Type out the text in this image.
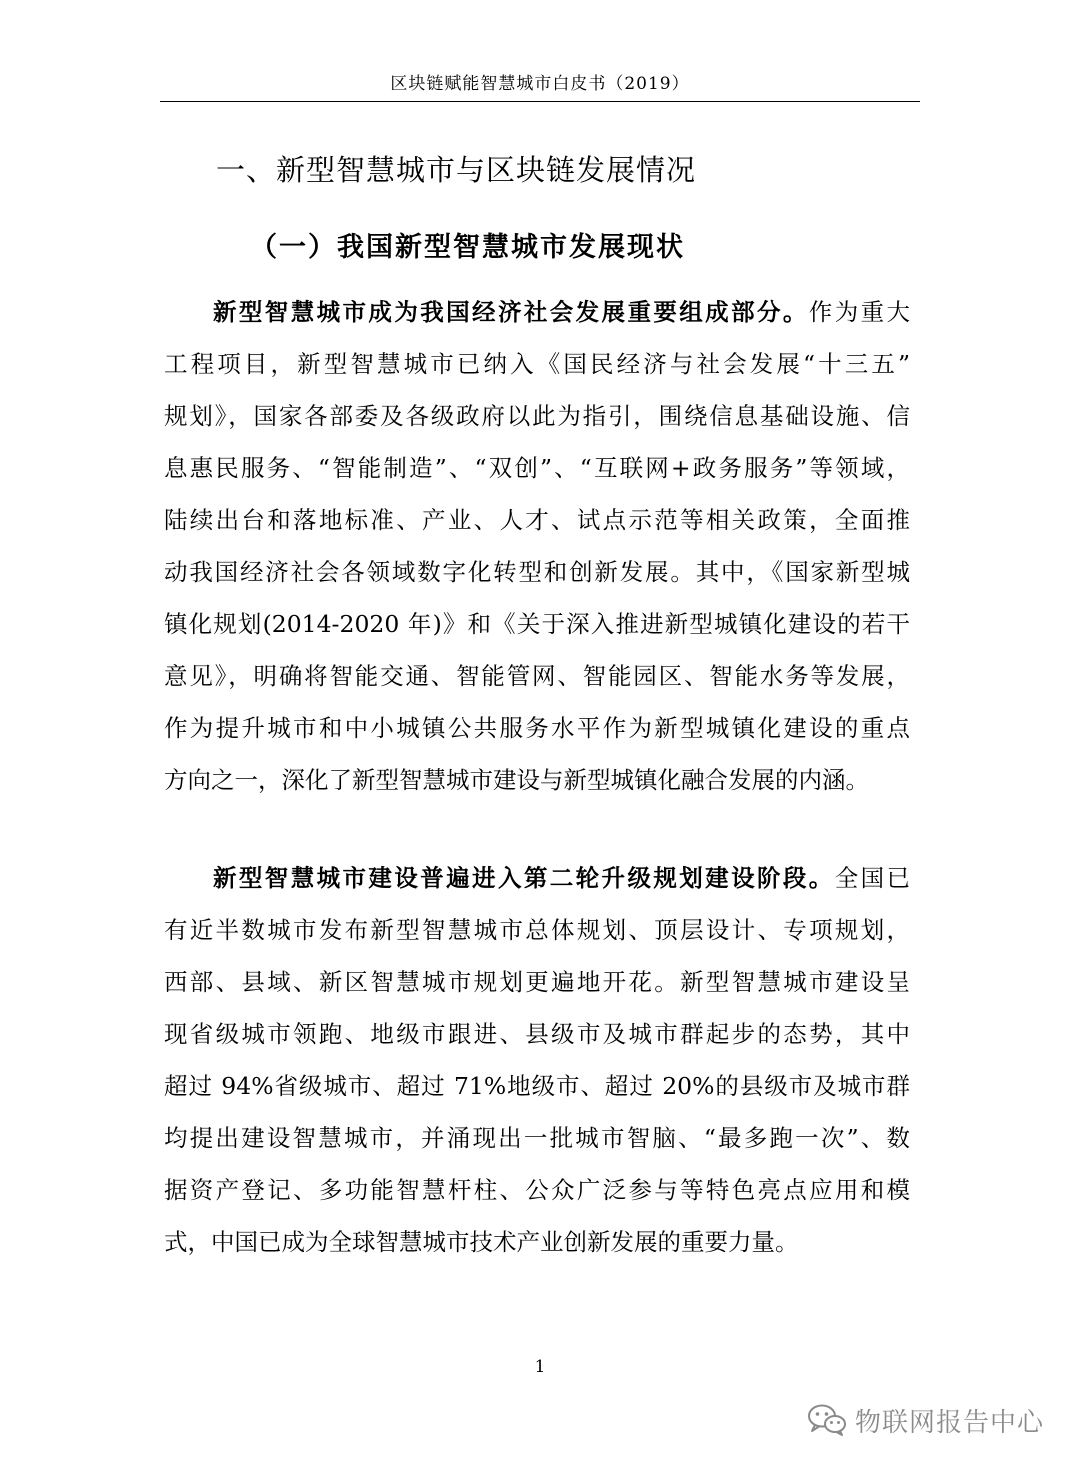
区块链赋能智慧城市白皮书（2019）
一、新型智慧城市与区块链发展情况
（一）我国新型智慧城市发展现状
新型智慧城市成为我国经济社会发展重要组成部分。作为重大
工程项目，新型智慧城市已纳入《国民经济与社会发展“十三五”
规划》，国家各部委及各级政府以此为指引，围绕信息基础设施、信
息惠民服务、“智能制造”、“双创”、“互联网+政务服务”等领域，
陆续出台和落地标准、产业、人才、试点示范等相关政策，全面推
动我国经济社会各领域数字化转型和创新发展。其中，《国家新型城
镇化规划(2014-2020 年)》和《关于深入推进新型城镇化建设的若干
意见》，明确将智能交通、智能管网、智能园区、智能水务等发展，
作为提升城市和中小城镇公共服务水平作为新型城镇化建设的重点
方向之一，深化了新型智慧城市建设与新型城镇化融合发展的内涵。
新型智慧城市建设普遍进入第二轮升级规划建设阶段。全国已
有近半数城市发布新型智慧城市总体规划、顶层设计、专项规划，
西部、县域、新区智慧城市规划更遍地开花。新型智慧城市建设呈
现省级城市领跑、地级市跟进、县级市及城市群起步的态势，其中
超过 94%省级城市、超过 71%地级市、超过 20%的县级市及城市群
均提出建设智慧城市，并涌现出一批城市智脑、“最多跑一次”、数
据资产登记、多功能智慧杆柱、公众广泛参与等特色亮点应用和模
式，中国已成为全球智慧城市技术产业创新发展的重要力量。
1
物联网报告中心
